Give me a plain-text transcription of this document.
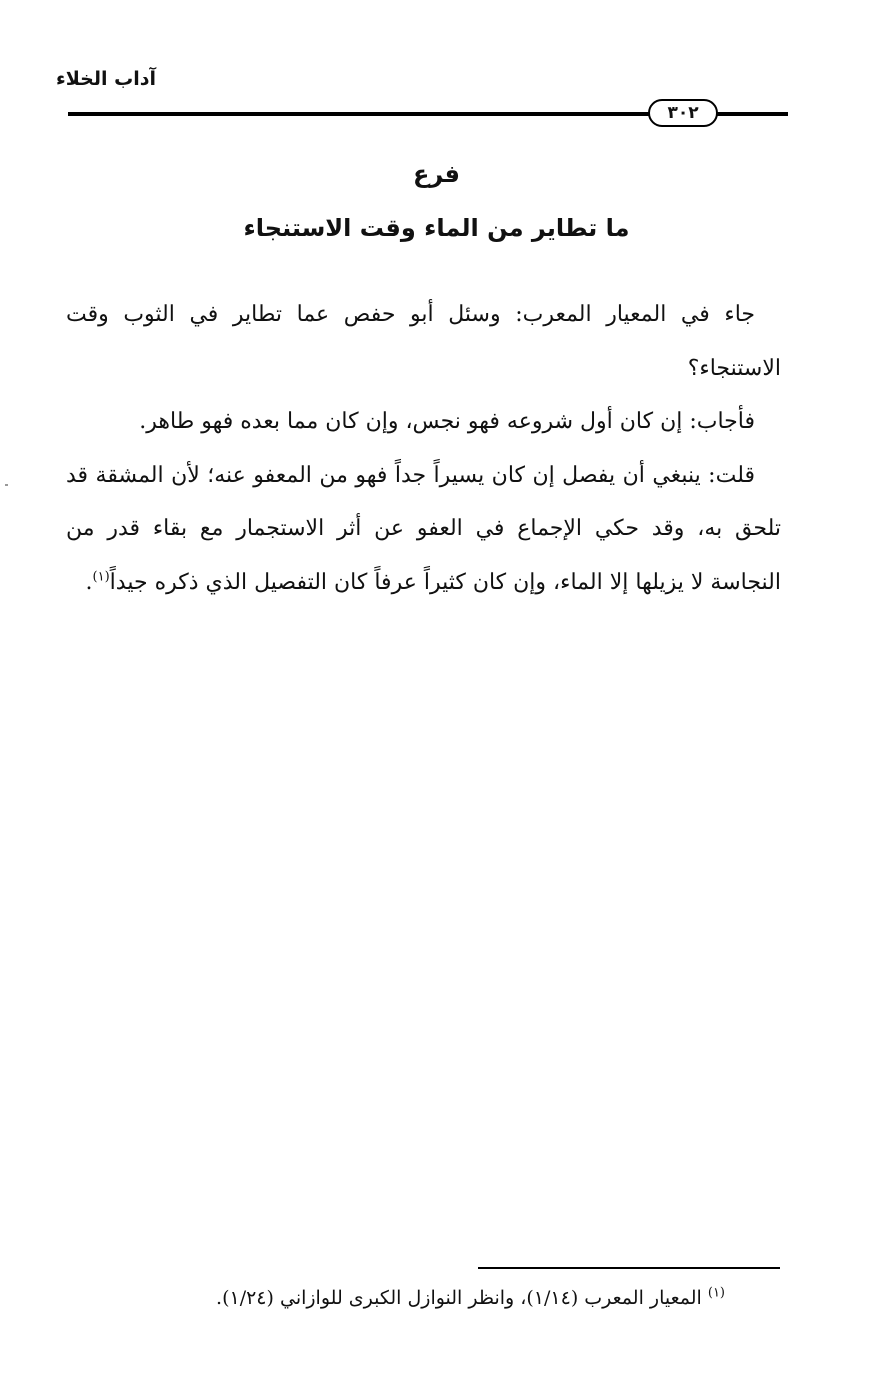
آداب الخلاء
٣٠٢
فرع
ما تطاير من الماء وقت الاستنجاء

جاء في المعيار المعرب: وسئل أبو حفص عما تطاير في الثوب وقت الاستنجاء؟

فأجاب: إن كان أول شروعه فهو نجس، وإن كان مما بعده فهو طاهر.

قلت: ينبغي أن يفصل إن كان يسيراً جداً فهو من المعفو عنه؛ لأن المشقة قد تلحق به، وقد حكي الإجماع في العفو عن أثر الاستجمار مع بقاء قدر من النجاسة لا يزيلها إلا الماء، وإن كان كثيراً عرفاً كان التفصيل الذي ذكره جيداً$^{(١)}$.

$^{(١)}$ المعيار المعرب (١/١٤)، وانظر النوازل الكبرى للوازاني (١/٢٤).
